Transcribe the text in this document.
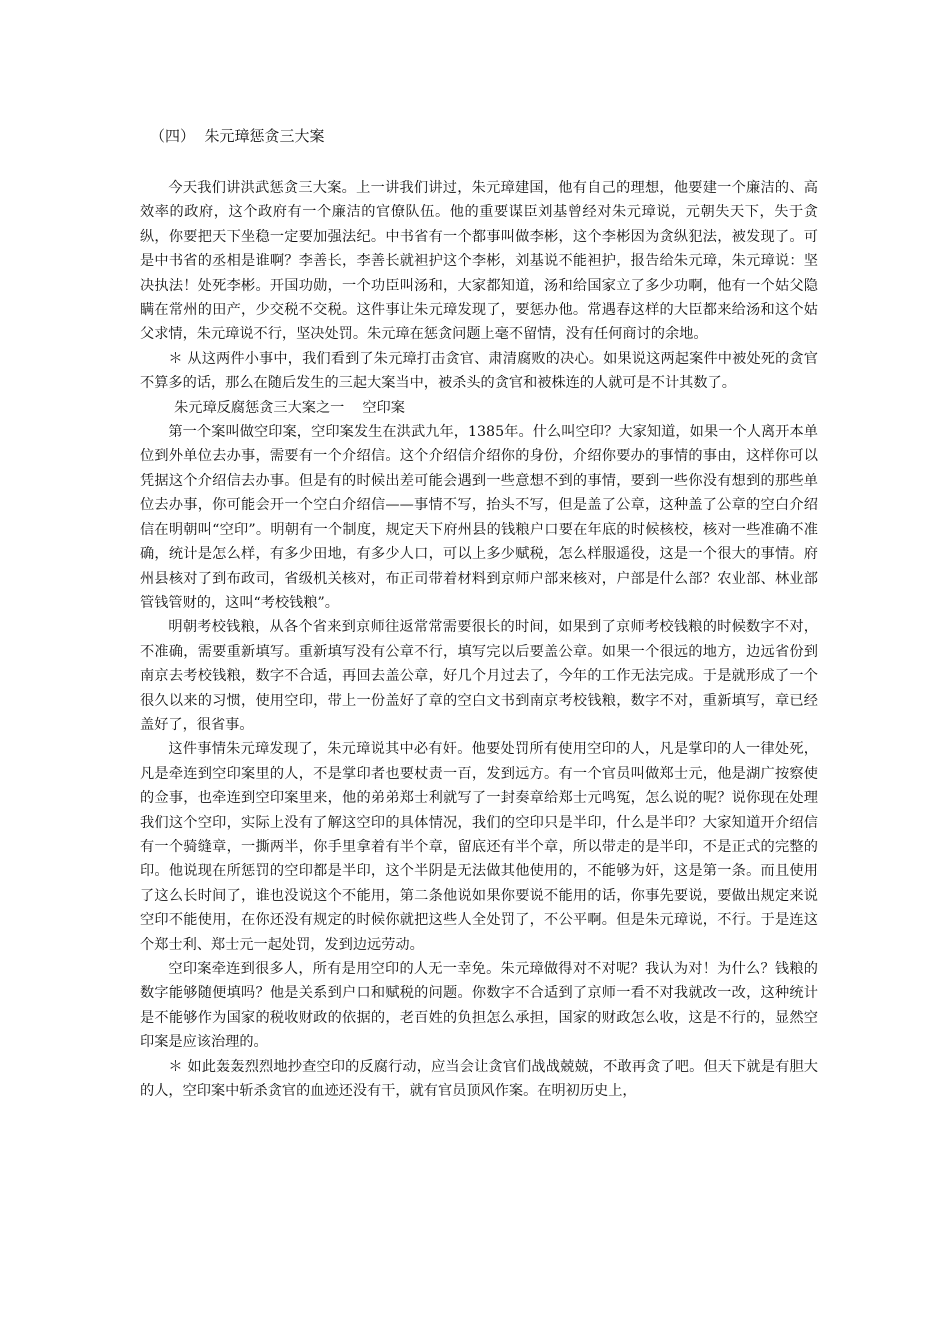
（四）  朱元璋惩贪三大案

今天我们讲洪武惩贪三大案。上一讲我们讲过，朱元璋建国，他有自己的理想，他要建一个廉洁的、高效率的政府，这个政府有一个廉洁的官僚队伍。他的重要谋臣刘基曾经对朱元璋说，元朝失天下，失于贪纵，你要把天下坐稳一定要加强法纪。中书省有一个都事叫做李彬，这个李彬因为贪纵犯法，被发现了。可是中书省的丞相是谁啊？李善长，李善长就袒护这个李彬，刘基说不能袒护，报告给朱元璋，朱元璋说：坚决执法！处死李彬。开国功勋，一个功臣叫汤和，大家都知道，汤和给国家立了多少功啊，他有一个姑父隐瞒在常州的田产，少交税不交税。这件事让朱元璋发现了，要惩办他。常遇春这样的大臣都来给汤和这个姑父求情，朱元璋说不行，坚决处罚。朱元璋在惩贪问题上毫不留情，没有任何商讨的余地。

＊ 从这两件小事中，我们看到了朱元璋打击贪官、肃清腐败的决心。如果说这两起案件中被处死的贪官不算多的话，那么在随后发生的三起大案当中，被杀头的贪官和被株连的人就可是不计其数了。

朱元璋反腐惩贪三大案之一    空印案

第一个案叫做空印案，空印案发生在洪武九年，1385年。什么叫空印？大家知道，如果一个人离开本单位到外单位去办事，需要有一个介绍信。这个介绍信介绍你的身份，介绍你要办的事情的事由，这样你可以凭据这个介绍信去办事。但是有的时候出差可能会遇到一些意想不到的事情，要到一些你没有想到的那些单位去办事，你可能会开一个空白介绍信——事情不写，抬头不写，但是盖了公章，这种盖了公章的空白介绍信在明朝叫“空印”。明朝有一个制度，规定天下府州县的钱粮户口要在年底的时候核校，核对一些准确不准确，统计是怎么样，有多少田地，有多少人口，可以上多少赋税，怎么样服遥役，这是一个很大的事情。府州县核对了到布政司，省级机关核对，布正司带着材料到京师户部来核对，户部是什么部？农业部、林业部管钱管财的，这叫“考校钱粮”。

明朝考校钱粮，从各个省来到京师往返常常需要很长的时间，如果到了京师考校钱粮的时候数字不对，不准确，需要重新填写。重新填写没有公章不行，填写完以后要盖公章。如果一个很远的地方，边远省份到南京去考校钱粮，数字不合适，再回去盖公章，好几个月过去了，今年的工作无法完成。于是就形成了一个很久以来的习惯，使用空印，带上一份盖好了章的空白文书到南京考校钱粮，数字不对，重新填写，章已经盖好了，很省事。

这件事情朱元璋发现了，朱元璋说其中必有奸。他要处罚所有使用空印的人，凡是掌印的人一律处死，凡是牵连到空印案里的人，不是掌印者也要杖责一百，发到远方。有一个官员叫做郑士元，他是湖广按察使的佥事，也牵连到空印案里来，他的弟弟郑士利就写了一封奏章给郑士元鸣冤，怎么说的呢？说你现在处理我们这个空印，实际上没有了解这空印的具体情况，我们的空印只是半印，什么是半印？大家知道开介绍信有一个骑缝章，一撕两半，你手里拿着有半个章，留底还有半个章，所以带走的是半印，不是正式的完整的印。他说现在所惩罚的空印都是半印，这个半阴是无法做其他使用的，不能够为奸，这是第一条。而且使用了这么长时间了，谁也没说这个不能用，第二条他说如果你要说不能用的话，你事先要说，要做出规定来说空印不能使用，在你还没有规定的时候你就把这些人全处罚了，不公平啊。但是朱元璋说，不行。于是连这个郑士利、郑士元一起处罚，发到边远劳动。

空印案牵连到很多人，所有是用空印的人无一幸免。朱元璋做得对不对呢？我认为对！为什么？钱粮的数字能够随便填吗？他是关系到户口和赋税的问题。你数字不合适到了京师一看不对我就改一改，这种统计是不能够作为国家的税收财政的依据的，老百姓的负担怎么承担，国家的财政怎么收，这是不行的，显然空印案是应该治理的。

＊ 如此轰轰烈烈地抄查空印的反腐行动，应当会让贪官们战战兢兢，不敢再贪了吧。但天下就是有胆大的人，空印案中斩杀贪官的血迹还没有干，就有官员顶风作案。在明初历史上，
